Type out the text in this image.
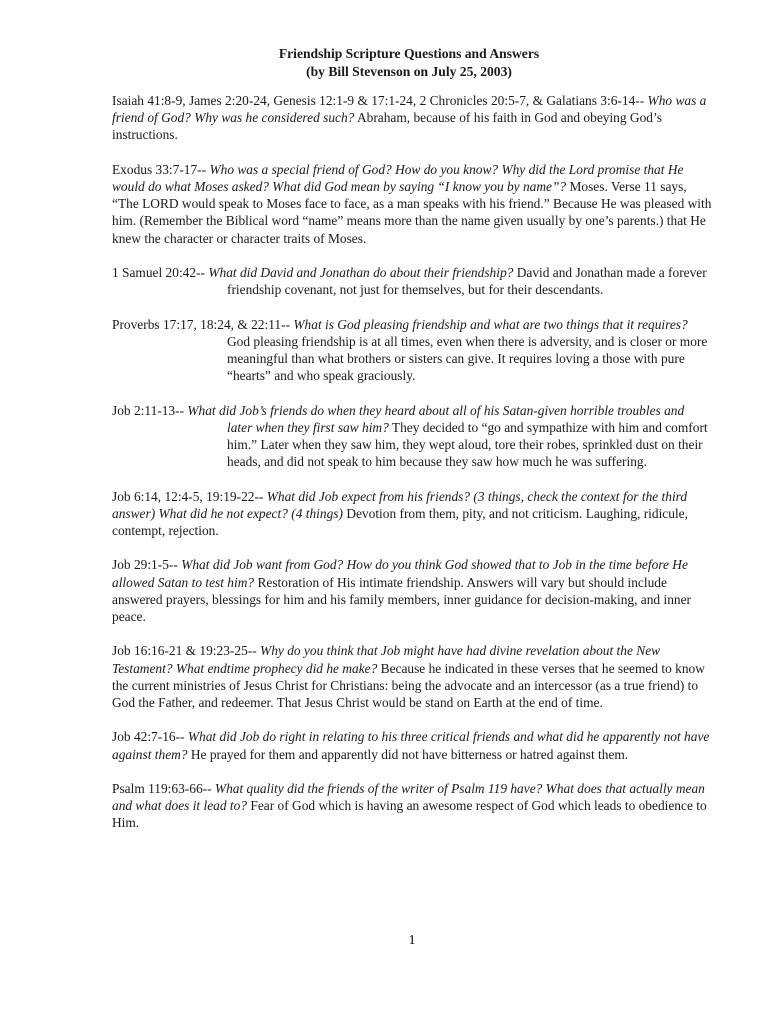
Friendship Scripture Questions and Answers
(by Bill Stevenson on July 25, 2003)

Isaiah 41:8-9, James 2:20-24, Genesis 12:1-9 & 17:1-24, 2 Chronicles 20:5-7, & Galatians 3:6-14-- Who was a friend of God? Why was he considered such? Abraham, because of his faith in God and obeying God’s instructions.

Exodus 33:7-17-- Who was a special friend of God? How do you know? Why did the Lord promise that He would do what Moses asked? What did God mean by saying “I know you by name”? Moses. Verse 11 says, “The LORD would speak to Moses face to face, as a man speaks with his friend.” Because He was pleased with him. (Remember the Biblical word “name” means more than the name given usually by one’s parents.) that He knew the character or character traits of Moses.

1 Samuel 20:42-- What did David and Jonathan do about their friendship? David and Jonathan made a forever friendship covenant, not just for themselves, but for their descendants.

Proverbs 17:17, 18:24, & 22:11-- What is God pleasing friendship and what are two things that it requires? God pleasing friendship is at all times, even when there is adversity, and is closer or more meaningful than what brothers or sisters can give. It requires loving a those with pure “hearts” and who speak graciously.

Job 2:11-13-- What did Job’s friends do when they heard about all of his Satan-given horrible troubles and later when they first saw him? They decided to “go and sympathize with him and comfort him.” Later when they saw him, they wept aloud, tore their robes, sprinkled dust on their heads, and did not speak to him because they saw how much he was suffering.

Job 6:14, 12:4-5, 19:19-22-- What did Job expect from his friends? (3 things, check the context for the third answer) What did he not expect? (4 things) Devotion from them, pity, and not criticism. Laughing, ridicule, contempt, rejection.

Job 29:1-5-- What did Job want from God? How do you think God showed that to Job in the time before He allowed Satan to test him? Restoration of His intimate friendship. Answers will vary but should include answered prayers, blessings for him and his family members, inner guidance for decision-making, and inner peace.

Job 16:16-21 & 19:23-25-- Why do you think that Job might have had divine revelation about the New Testament? What endtime prophecy did he make? Because he indicated in these verses that he seemed to know the current ministries of Jesus Christ for Christians: being the advocate and an intercessor (as a true friend) to God the Father, and redeemer. That Jesus Christ would be stand on Earth at the end of time.

Job 42:7-16-- What did Job do right in relating to his three critical friends and what did he apparently not have against them? He prayed for them and apparently did not have bitterness or hatred against them.

Psalm 119:63-66-- What quality did the friends of the writer of Psalm 119 have? What does that actually mean and what does it lead to? Fear of God which is having an awesome respect of God which leads to obedience to Him.

1
